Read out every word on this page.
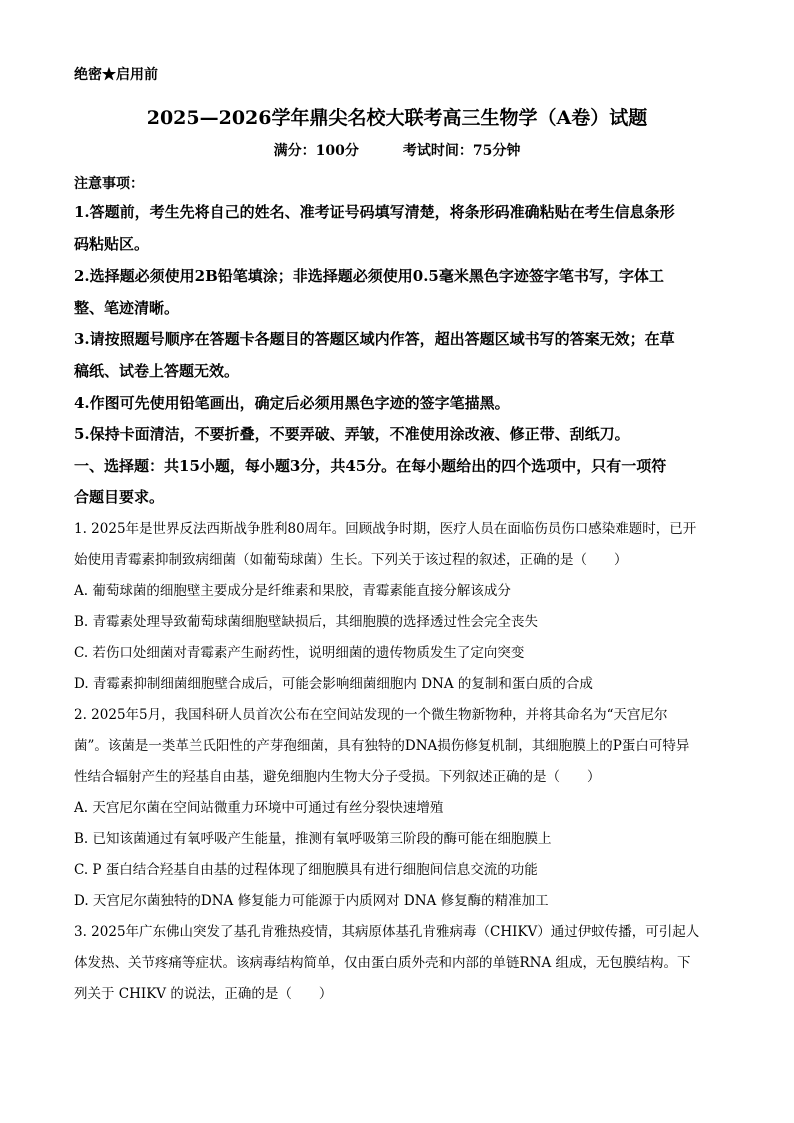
绝密★启用前
2025—2026学年鼎尖名校大联考高三生物学（A卷）试题
满分：100分	考试时间：75分钟
注意事项：
1.答题前，考生先将自己的姓名、准考证号码填写清楚，将条形码准确粘贴在考生信息条形
码粘贴区。
2.选择题必须使用2B铅笔填涂；非选择题必须使用0.5毫米黑色字迹签字笔书写，字体工
整、笔迹清晰。
3.请按照题号顺序在答题卡各题目的答题区域内作答，超出答题区域书写的答案无效；在草
稿纸、试卷上答题无效。
4.作图可先使用铅笔画出，确定后必须用黑色字迹的签字笔描黑。
5.保持卡面清洁，不要折叠，不要弄破、弄皱，不准使用涂改液、修正带、刮纸刀。
一、选择题：共15小题，每小题3分，共45分。在每小题给出的四个选项中，只有一项符
合题目要求。
1. 2025年是世界反法西斯战争胜利80周年。回顾战争时期，医疗人员在面临伤员伤口感染难题时，已开
始使用青霉素抑制致病细菌（如葡萄球菌）生长。下列关于该过程的叙述，正确的是（　　）
A. 葡萄球菌的细胞壁主要成分是纤维素和果胶，青霉素能直接分解该成分
B. 青霉素处理导致葡萄球菌细胞壁缺损后，其细胞膜的选择透过性会完全丧失
C. 若伤口处细菌对青霉素产生耐药性，说明细菌的遗传物质发生了定向突变
D. 青霉素抑制细菌细胞壁合成后，可能会影响细菌细胞内 DNA 的复制和蛋白质的合成
2. 2025年5月，我国科研人员首次公布在空间站发现的一个微生物新物种，并将其命名为“天宫尼尔
菌”。该菌是一类革兰氏阳性的产芽孢细菌，具有独特的DNA损伤修复机制，其细胞膜上的P蛋白可特异
性结合辐射产生的羟基自由基，避免细胞内生物大分子受损。下列叙述正确的是（　　）
A. 天宫尼尔菌在空间站微重力环境中可通过有丝分裂快速增殖
B. 已知该菌通过有氧呼吸产生能量，推测有氧呼吸第三阶段的酶可能在细胞膜上
C. P 蛋白结合羟基自由基的过程体现了细胞膜具有进行细胞间信息交流的功能
D. 天宫尼尔菌独特的DNA 修复能力可能源于内质网对 DNA 修复酶的精准加工
3. 2025年广东佛山突发了基孔肯雅热疫情，其病原体基孔肯雅病毒（CHIKV）通过伊蚊传播，可引起人
体发热、关节疼痛等症状。该病毒结构简单，仅由蛋白质外壳和内部的单链RNA 组成，无包膜结构。下
列关于 CHIKV 的说法，正确的是（　　）
